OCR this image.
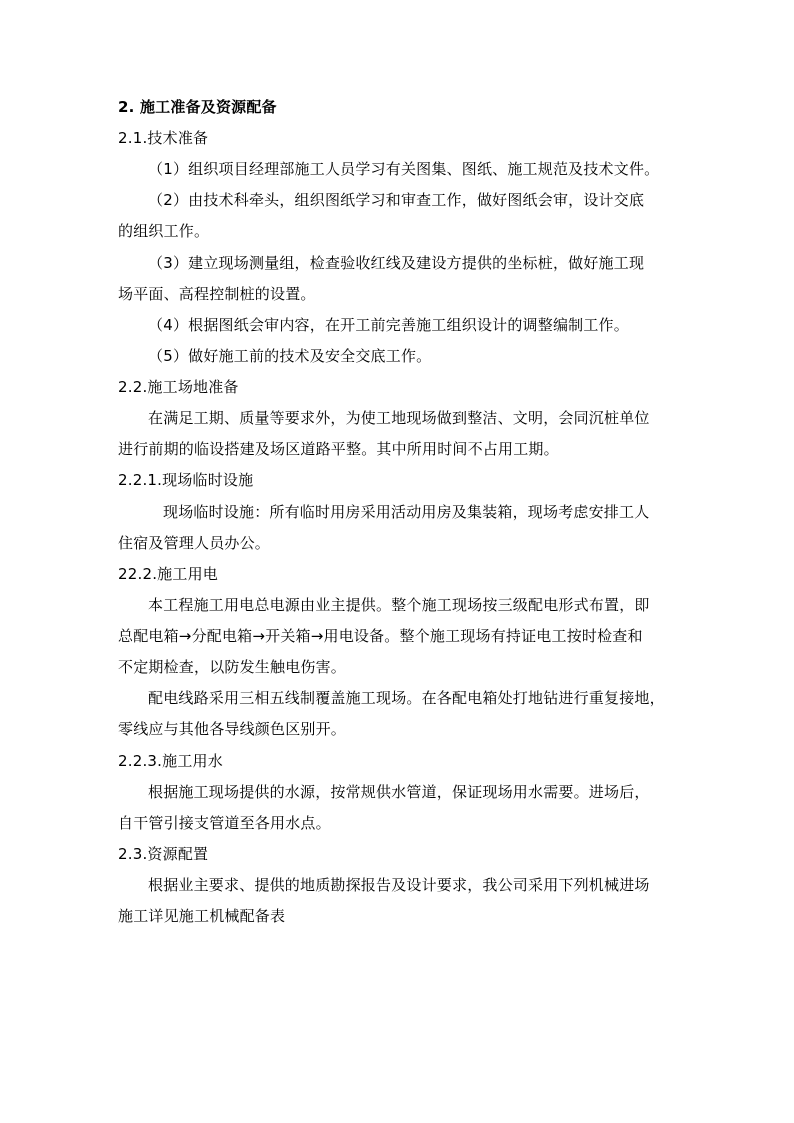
2. 施工准备及资源配备
2.1.技术准备
（1）组织项目经理部施工人员学习有关图集、图纸、施工规范及技术文件。
（2）由技术科牵头，组织图纸学习和审查工作，做好图纸会审，设计交底
的组织工作。
（3）建立现场测量组，检查验收红线及建设方提供的坐标桩，做好施工现
场平面、高程控制桩的设置。
（4）根据图纸会审内容，在开工前完善施工组织设计的调整编制工作。
（5）做好施工前的技术及安全交底工作。
2.2.施工场地准备
在满足工期、质量等要求外，为使工地现场做到整洁、文明，会同沉桩单位
进行前期的临设搭建及场区道路平整。其中所用时间不占用工期。
2.2.1.现场临时设施
现场临时设施：所有临时用房采用活动用房及集装箱，现场考虑安排工人
住宿及管理人员办公。
22.2.施工用电
本工程施工用电总电源由业主提供。整个施工现场按三级配电形式布置，即
总配电箱→分配电箱→开关箱→用电设备。整个施工现场有持证电工按时检查和
不定期检查，以防发生触电伤害。
配电线路采用三相五线制覆盖施工现场。在各配电箱处打地钻进行重复接地，
零线应与其他各导线颜色区别开。
2.2.3.施工用水
根据施工现场提供的水源，按常规供水管道，保证现场用水需要。进场后，
自干管引接支管道至各用水点。
2.3.资源配置
根据业主要求、提供的地质勘探报告及设计要求，我公司采用下列机械进场
施工详见施工机械配备表
